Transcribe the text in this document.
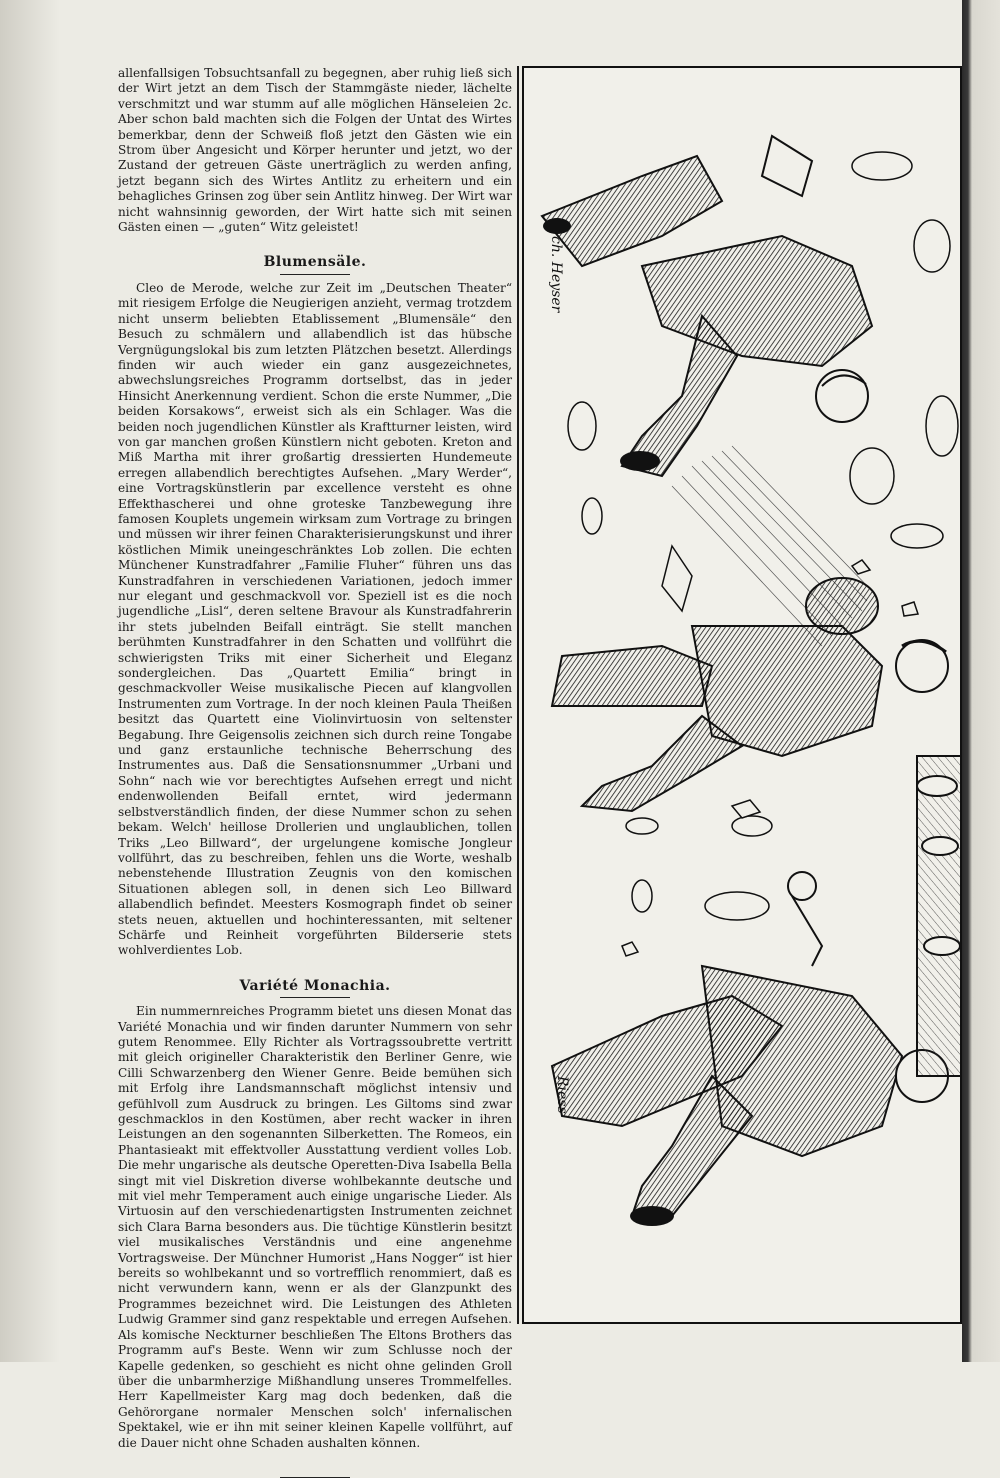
allenfallsigen Tobsuchtsanfall zu begegnen, aber ruhig ließ sich der Wirt jetzt an dem Tisch der Stammgäste nieder, lächelte verschmitzt und war stumm auf alle möglichen Hänseleien 2c. Aber schon bald machten sich die Folgen der Untat des Wirtes bemerkbar, denn der Schweiß floß jetzt den Gästen wie ein Strom über Angesicht und Körper herunter und jetzt, wo der Zustand der getreuen Gäste unerträglich zu werden anfing, jetzt begann sich des Wirtes Antlitz zu erheitern und ein behagliches Grinsen zog über sein Antlitz hinweg. Der Wirt war nicht wahnsinnig geworden, der Wirt hatte sich mit seinen Gästen einen — „guten“ Witz geleistet!

Blumensäle.

Cleo de Merode, welche zur Zeit im „Deutschen Theater“ mit riesigem Erfolge die Neugierigen anzieht, vermag trotzdem nicht unserm beliebten Etablissement „Blumensäle“ den Besuch zu schmälern und allabendlich ist das hübsche Vergnügungslokal bis zum letzten Plätzchen besetzt. Allerdings finden wir auch wieder ein ganz ausgezeichnetes, abwechslungsreiches Programm dortselbst, das in jeder Hinsicht Anerkennung verdient. Schon die erste Nummer, „Die beiden Korsakows“, erweist sich als ein Schlager. Was die beiden noch jugendlichen Künstler als Kraftturner leisten, wird von gar manchen großen Künstlern nicht geboten. Kreton and Miß Martha mit ihrer großartig dressierten Hundemeute erregen allabendlich berechtigtes Aufsehen. „Mary Werder“, eine Vortragskünstlerin par excellence versteht es ohne Effekthascherei und ohne groteske Tanzbewegung ihre famosen Kouplets ungemein wirksam zum Vortrage zu bringen und müssen wir ihrer feinen Charakterisierungskunst und ihrer köstlichen Mimik uneingeschränktes Lob zollen. Die echten Münchener Kunstradfahrer „Familie Fluher“ führen uns das Kunstradfahren in verschiedenen Variationen, jedoch immer nur elegant und geschmackvoll vor. Speziell ist es die noch jugendliche „Lisl“, deren seltene Bravour als Kunstradfahrerin ihr stets jubelnden Beifall einträgt. Sie stellt manchen berühmten Kunstradfahrer in den Schatten und vollführt die schwierigsten Triks mit einer Sicherheit und Eleganz sondergleichen. Das „Quartett Emilia“ bringt in geschmackvoller Weise musikalische Piecen auf klangvollen Instrumenten zum Vortrage. In der noch kleinen Paula Theißen besitzt das Quartett eine Violinvirtuosin von seltenster Begabung. Ihre Geigensolis zeichnen sich durch reine Tongabe und ganz erstaunliche technische Beherrschung des Instrumentes aus. Daß die Sensationsnummer „Urbani und Sohn“ nach wie vor berechtigtes Aufsehen erregt und nicht endenwollenden Beifall erntet, wird jedermann selbstverständlich finden, der diese Nummer schon zu sehen bekam. Welch' heillose Drollerien und unglaublichen, tollen Triks „Leo Billward“, der urgelungene komische Jongleur vollführt, das zu beschreiben, fehlen uns die Worte, weshalb nebenstehende Illustration Zeugnis von den komischen Situationen ablegen soll, in denen sich Leo Billward allabendlich befindet. Meesters Kosmograph findet ob seiner stets neuen, aktuellen und hochinteressanten, mit seltener Schärfe und Reinheit vorgeführten Bilderserie stets wohlverdientes Lob.

Variété Monachia.

Ein nummernreiches Programm bietet uns diesen Monat das Variété Monachia und wir finden darunter Nummern von sehr gutem Renommee. Elly Richter als Vortragssoubrette vertritt mit gleich origineller Charakteristik den Berliner Genre, wie Cilli Schwarzenberg den Wiener Genre. Beide bemühen sich mit Erfolg ihre Landsmannschaft möglichst intensiv und gefühlvoll zum Ausdruck zu bringen. Les Giltoms sind zwar geschmacklos in den Kostümen, aber recht wacker in ihren Leistungen an den sogenannten Silberketten. The Romeos, ein Phantasieakt mit effektvoller Ausstattung verdient volles Lob. Die mehr ungarische als deutsche Operetten-Diva Isabella Bella singt mit viel Diskretion diverse wohlbekannte deutsche und mit viel mehr Temperament auch einige ungarische Lieder. Als Virtuosin auf den verschiedenartigsten Instrumenten zeichnet sich Clara Barna besonders aus. Die tüchtige Künstlerin besitzt viel musikalisches Verständnis und eine angenehme Vortragsweise. Der Münchner Humorist „Hans Nogger“ ist hier bereits so wohlbekannt und so vortrefflich renommiert, daß es nicht verwundern kann, wenn er als der Glanzpunkt des Programmes bezeichnet wird. Die Leistungen des Athleten Ludwig Grammer sind ganz respektable und erregen Aufsehen. Als komische Neckturner beschließen The Eltons Brothers das Programm auf's Beste. Wenn wir zum Schlusse noch der Kapelle gedenken, so geschieht es nicht ohne gelinden Groll über die unbarmherzige Mißhandlung unseres Trommelfelles. Herr Kapellmeister Karg mag doch bedenken, daß die Gehörorgane normaler Menschen solch' infernalischen Spektakel, wie er ihn mit seiner kleinen Kapelle vollführt, auf die Dauer nicht ohne Schaden aushalten können.

ch. Heyser
Riess
